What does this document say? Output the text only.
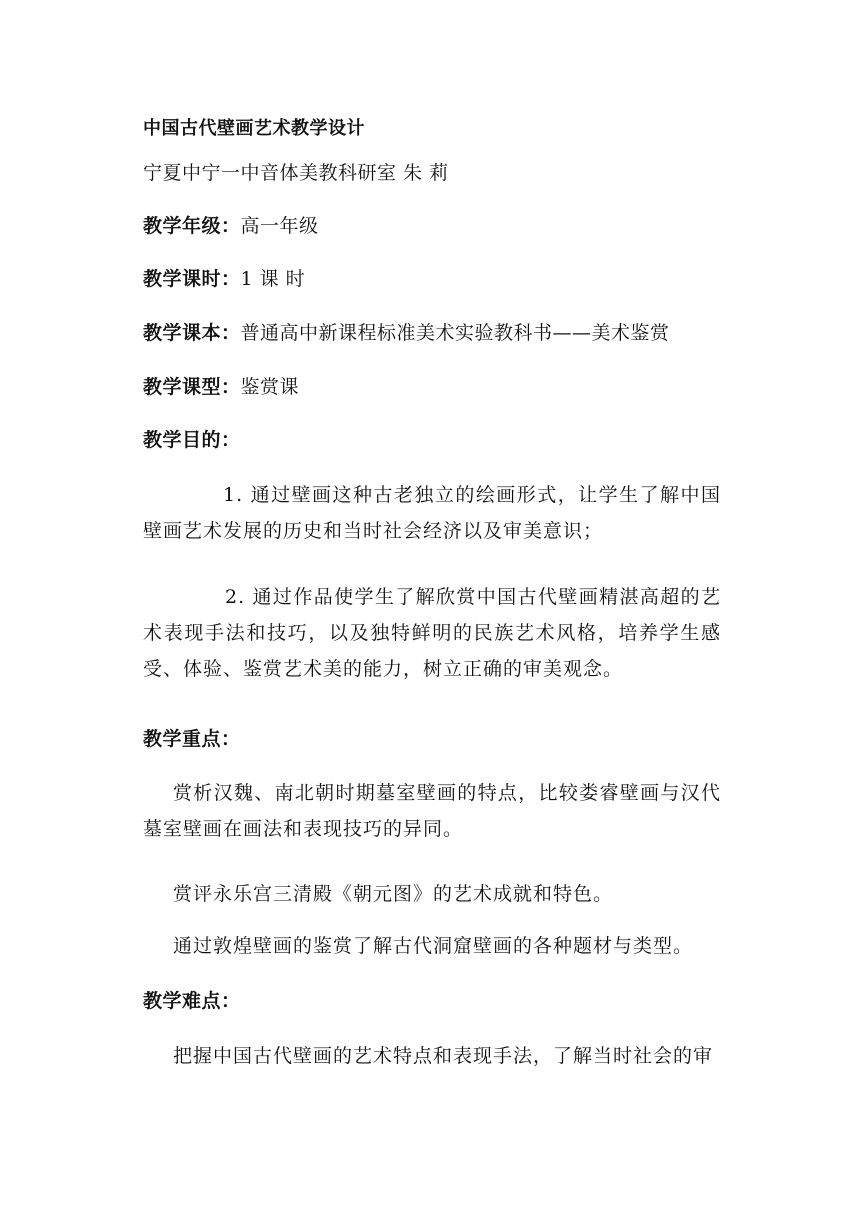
中国古代壁画艺术教学设计
宁夏中宁一中音体美教科研室 朱 莉
教学年级：高一年级
教学课时：1 课 时
教学课本：普通高中新课程标准美术实验教科书——美术鉴赏
教学课型：鉴赏课
教学目的：
1. 通过壁画这种古老独立的绘画形式，让学生了解中国壁画艺术发展的历史和当时社会经济以及审美意识；
2. 通过作品使学生了解欣赏中国古代壁画精湛高超的艺术表现手法和技巧，以及独特鲜明的民族艺术风格，培养学生感受、体验、鉴赏艺术美的能力，树立正确的审美观念。
教学重点：
赏析汉魏、南北朝时期墓室壁画的特点，比较娄睿壁画与汉代墓室壁画在画法和表现技巧的异同。
赏评永乐宫三清殿《朝元图》的艺术成就和特色。
通过敦煌壁画的鉴赏了解古代洞窟壁画的各种题材与类型。
教学难点：
把握中国古代壁画的艺术特点和表现手法，了解当时社会的审
